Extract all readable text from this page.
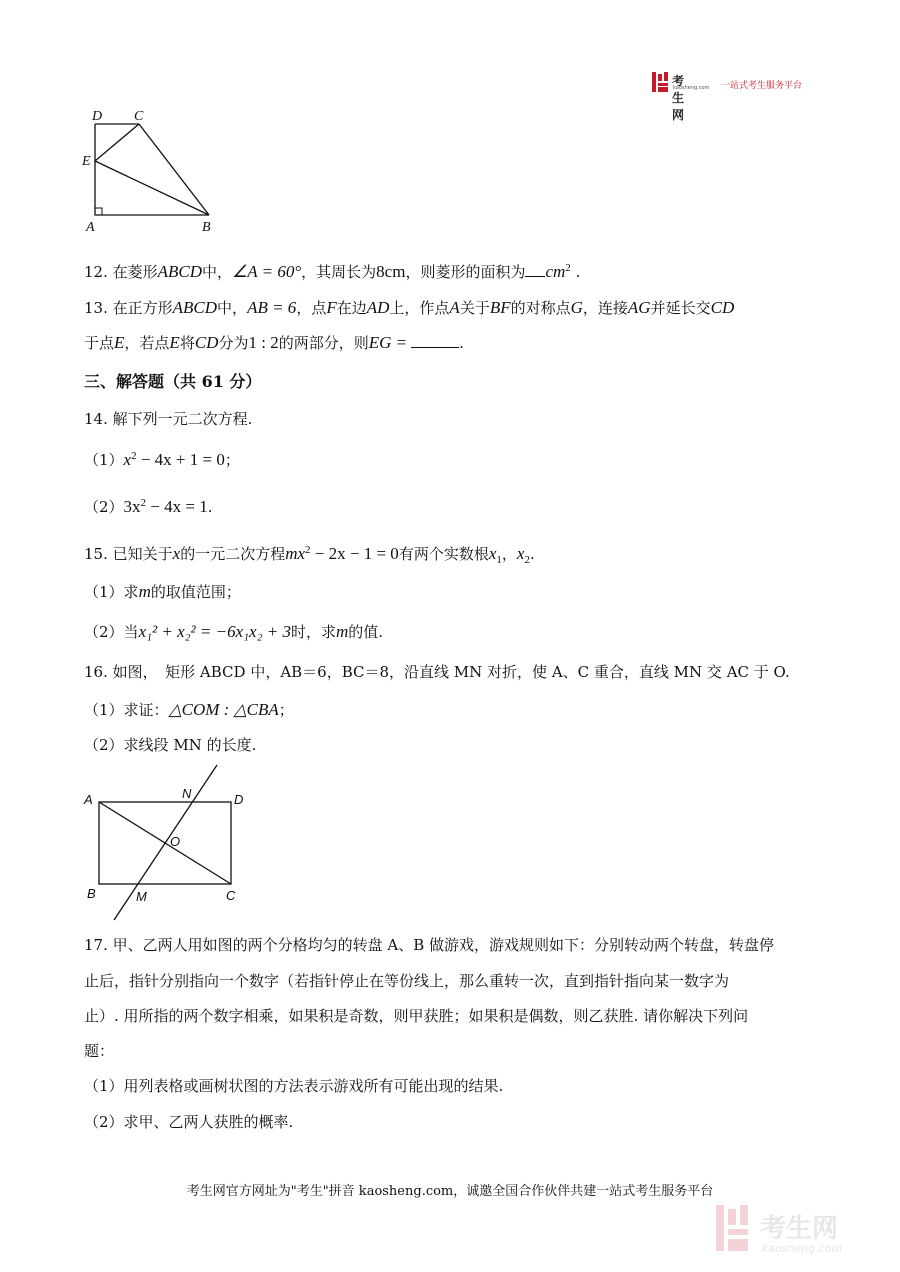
考生网
kaosheng.com 一站式考生服务平台
D C
E
A	B
12. 在菱形ABCD中，∠A = 60°，其周长为8cm，则菱形的面积为 $cm^2$ .
13. 在正方形ABCD中，AB = 6，点F在边AD上，作点A关于BF的对称点G，连接AG并延长交CD
于点E，若点E将CD分为1 : 2的两部分，则EG =	.
三、解答题（共 61 分）
14. 解下列一元二次方程.
$(1)x^2 - 4x + 1 = 0$；
$(2)3x^2 - 4x = 1$.
15. 已知关于x的一元二次方程$mx^2 - 2x - 1 = 0$有两个实数根$x_1$，$x_2$.
（1）求m的取值范围；
（2）当x₁² + x₂² = −6x₁x₂ + 3时，求m的值.
16. 如图，　矩形 ABCD 中，AB＝6，BC＝8，沿直线 MN 对折，使 A、C 重合，直线 MN 交 AC 于 O.
（1）求证：△COM : △CBA；
（2）求线段 MN 的长度.
A	N	D
O
B	M	C
17. 甲、乙两人用如图的两个分格均匀的转盘 A、B 做游戏，游戏规则如下：分别转动两个转盘，转盘停
止后，指针分别指向一个数字（若指针停止在等份线上，那么重转一次，直到指针指向某一数字为
止）. 用所指的两个数字相乘，如果积是奇数，则甲获胜；如果积是偶数，则乙获胜. 请你解决下列问
题：
（1）用列表格或画树状图的方法表示游戏所有可能出现的结果.
（2）求甲、乙两人获胜的概率.
考生网官方网址为"考生"拼音 kaosheng.com，诚邀全国合作伙伴共建一站式考生服务平台
考生网
kaosheng.com
